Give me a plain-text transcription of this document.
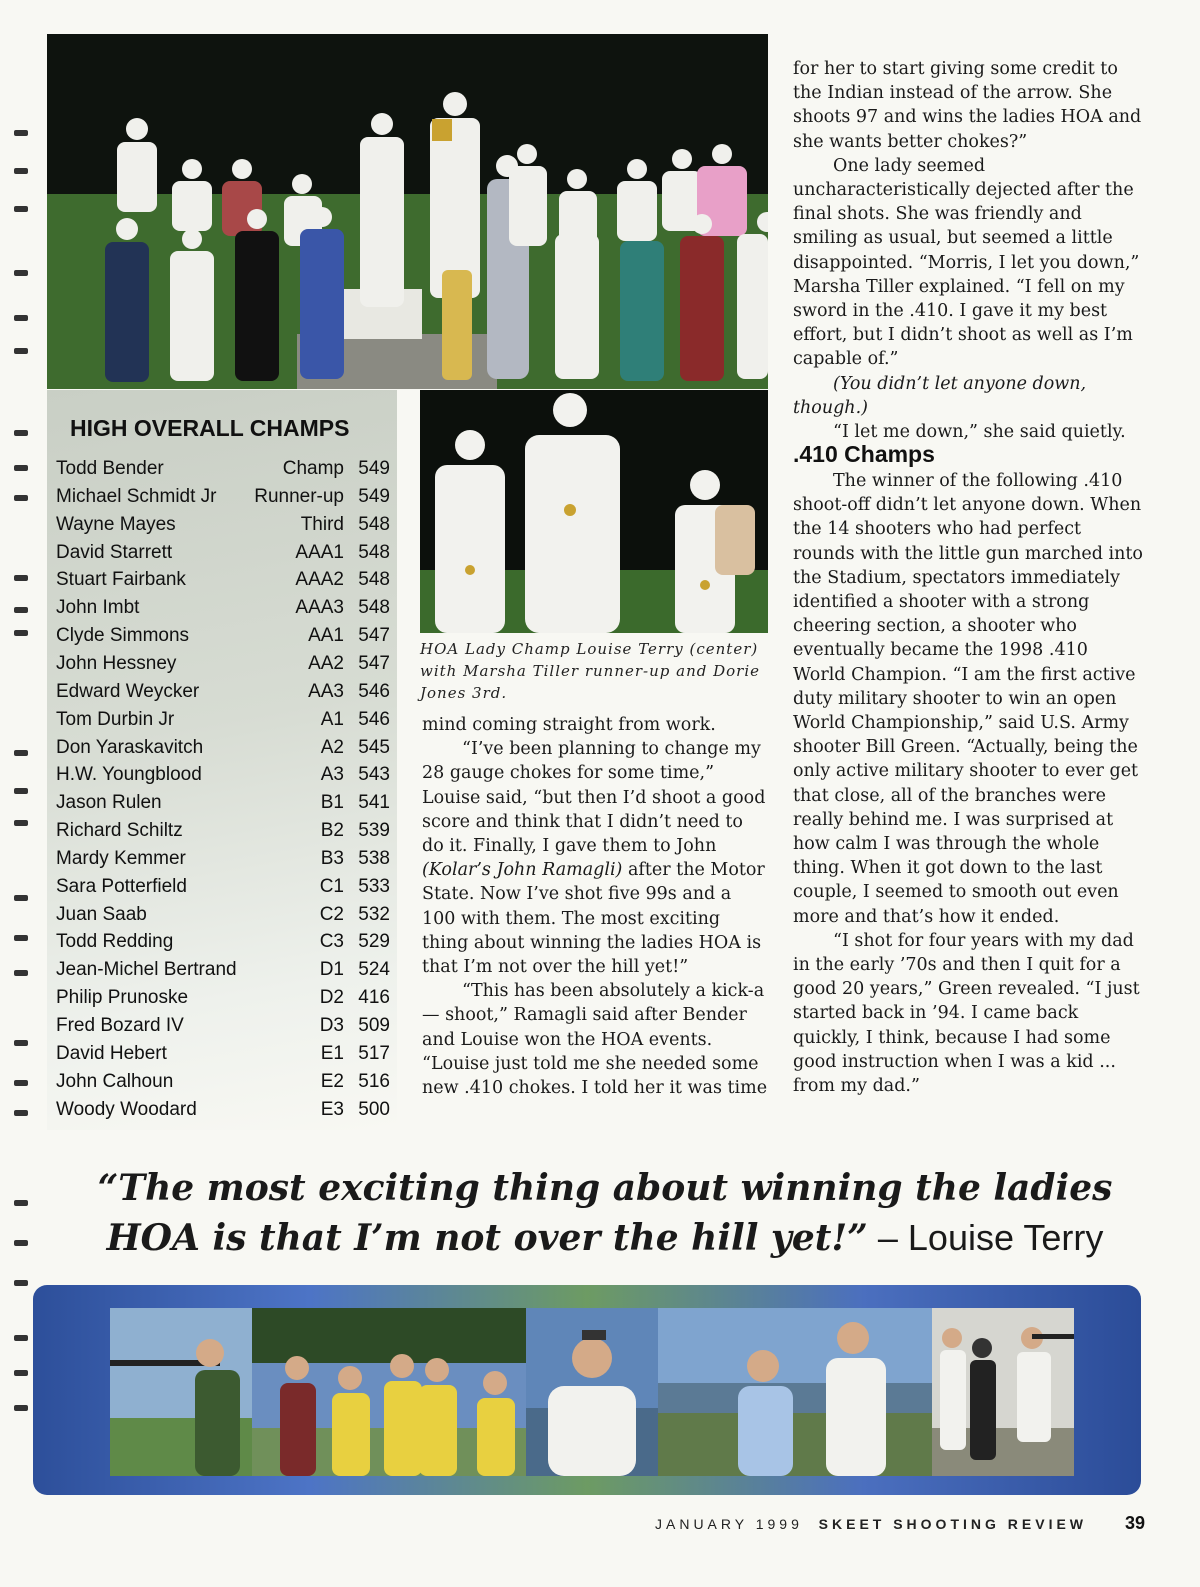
HIGH OVERALL CHAMPS
Todd Bender	Champ 549
Michael Schmidt Jr Runner-up 549
Wayne Mayes	Third 548
David Starrett	AAA1 548
Stuart Fairbank	AAA2 548
John Imbt	AAA3 548
Clyde Simmons	AA1 547
John Hessney	AA2 547
Edward Weycker	AA3 546
Tom Durbin Jr	A1 546
Don Yaraskavitch	A2 545
H.W. Youngblood	A3 543
Jason Rulen	B1 541
Richard Schiltz	B2 539
Mardy Kemmer	B3 538
Sara Potterfield	C1 533
Juan Saab	C2 532
Todd Redding	C3 529
Jean-Michel Bertrand	D1 524
Philip Prunoske	D2 416
Fred Bozard IV	D3 509
David Hebert	E1 517
John Calhoun	E2 516
Woody Woodard	E3 500
HOA Lady Champ Louise Terry (center) with Marsha Tiller runner-up and Dorie Jones 3rd.

mind coming straight from work.

“I’ve been planning to change my 28 gauge chokes for some time,” Louise said, “but then I’d shoot a good score and think that I didn’t need to do it. Finally, I gave them to John (Kolar’s John Ramagli) after the Motor State. Now I’ve shot five 99s and a 100 with them. The most exciting thing about winning the ladies HOA is that I’m not over the hill yet!”

“This has been absolutely a kick-a— shoot,” Ramagli said after Bender and Louise won the HOA events. “Louise just told me she needed some new .410 chokes. I told her it was time

for her to start giving some credit to the Indian instead of the arrow. She shoots 97 and wins the ladies HOA and she wants better chokes?”

One lady seemed uncharacteristically dejected after the final shots. She was friendly and smiling as usual, but seemed a little disappointed. “Morris, I let you down,” Marsha Tiller explained. “I fell on my sword in the .410. I gave it my best effort, but I didn’t shoot as well as I’m capable of.”

(You didn’t let anyone down, though.)

“I let me down,” she said quietly.

.410 Champs

The winner of the following .410 shoot-off didn’t let anyone down. When the 14 shooters who had perfect rounds with the little gun marched into the Stadium, spectators immediately identified a shooter with a strong cheering section, a shooter who eventually became the 1998 .410 World Champion. “I am the first active duty military shooter to win an open World Championship,” said U.S. Army shooter Bill Green. “Actually, being the only active military shooter to ever get that close, all of the branches were really behind me. I was surprised at how calm I was through the whole thing. When it got down to the last couple, I seemed to smooth out even more and that’s how it ended.

“I shot for four years with my dad in the early ’70s and then I quit for a good 20 years,” Green revealed. “I just started back in ’94. I came back quickly, I think, because I had some good instruction when I was a kid ... from my dad.”

“The most exciting thing about winning the ladies HOA is that I’m not over the hill yet!” – Louise Terry
JANUARY 1999 SKEET SHOOTING REVIEW 39
